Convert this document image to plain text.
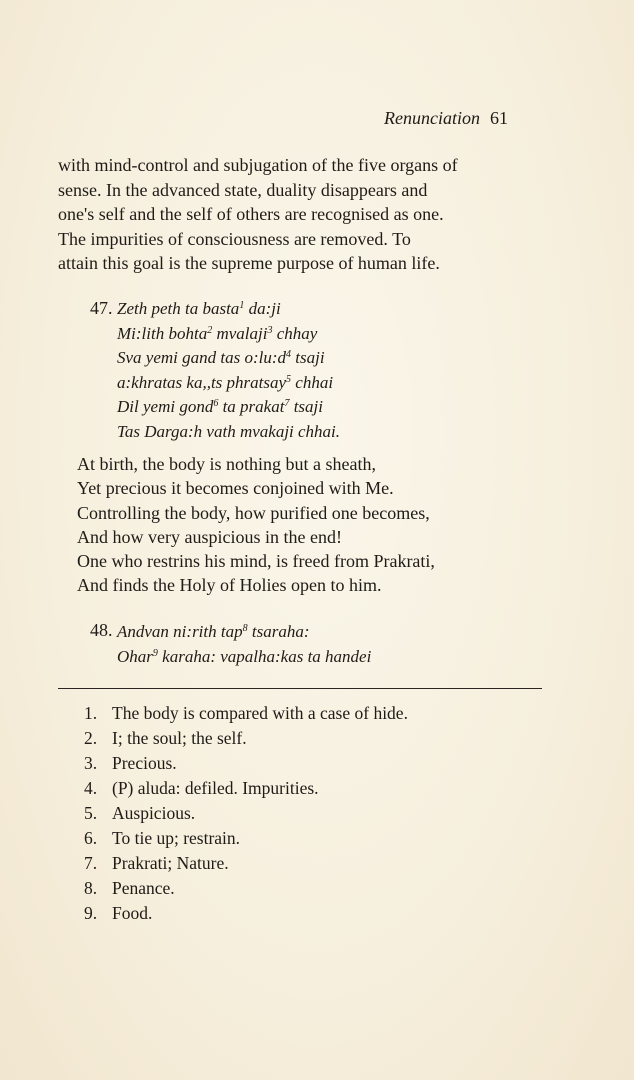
Renunciation 61
with mind-control and subjugation of the five organs of
sense. In the advanced state, duality disappears and
one's self and the self of others are recognised as one.
The impurities of consciousness are removed. To
attain this goal is the supreme purpose of human life.
47. Zeth peth ta basta$^1$ da:ji
Mi:lith bohta$^2$ mvalaji$^3$ chhay
Sva yemi gand tas $o:lu:d^4$ tsaji
a:khratas ka,,ts phratsay$^5$ chhai
Dil yemi gond$^6$ ta prakat$^7$ tsaji
Tas Darga:h vath mvakaji chhai.
At birth, the body is nothing but a sheath,
Yet precious it becomes conjoined with Me.
Controlling the body, how purified one becomes,
And how very auspicious in the end!
One who restrins his mind, is freed from Prakrati,
And finds the Holy of Holies open to him.
48. Andvan ni:rith tap$^8$ tsaraha:
Ohar$^9$ karaha: vapalha:kas ta handei
1. The body is compared with a case of hide.
2. I; the soul; the self.
3. Precious.
4. (P) aluda: defiled. Impurities.
5. Auspicious.
6. To tie up; restrain.
7. Prakrati; Nature.
8. Penance.
9. Food.
